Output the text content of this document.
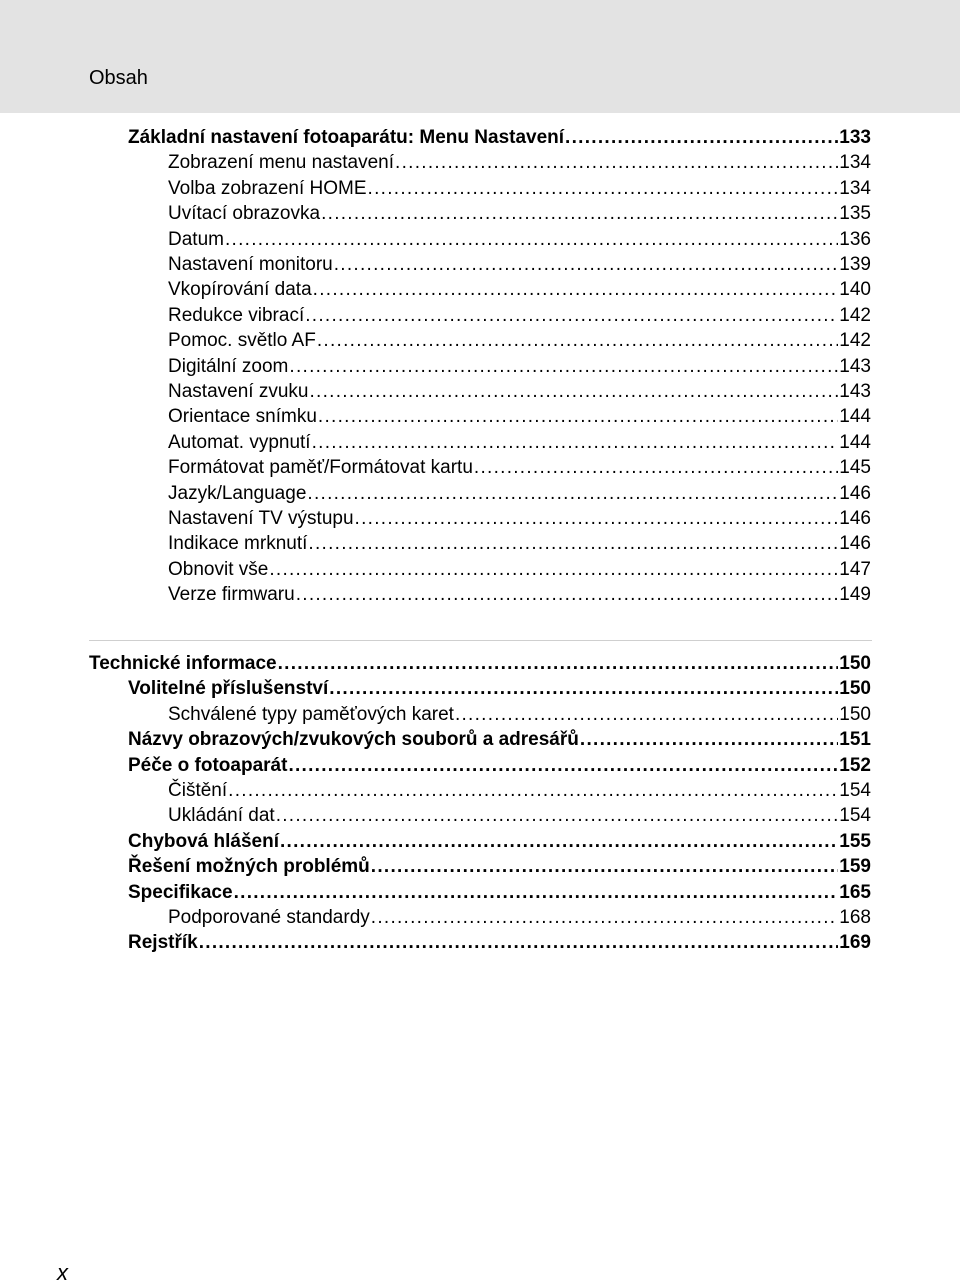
Obsah
Základní nastavení fotoaparátu: Menu Nastavení . . .	133
Zobrazení menu nastavení . . .	134
Volba zobrazení HOME . . .	134
Uvítací obrazovka . . .	135
Datum . . .	136
Nastavení monitoru . . .	139
Vkopírování data . . .	140
Redukce vibrací . . .	142
Pomoc. světlo AF . . .	142
Digitální zoom . . .	143
Nastavení zvuku . . .	143
Orientace snímku . . .	144
Automat. vypnutí . . .	144
Formátovat paměť/Formátovat kartu . . .	145
Jazyk/Language . . .	146
Nastavení TV výstupu . . .	146
Indikace mrknutí . . .	146
Obnovit vše . . .	147
Verze firmwaru . . .	149
Technické informace . . .	150
Volitelné příslušenství . . .	150
Schválené typy paměťových karet . . .	150
Názvy obrazových/zvukových souborů a adresářů . . .	151
Péče o fotoaparát . . .	152
Čištění . . .	154
Ukládání dat . . .	154
Chybová hlášení . . .	155
Řešení možných problémů . . .	159
Specifikace . . .	165
Podporované standardy . . .	168
Rejstřík . . .	169
x
